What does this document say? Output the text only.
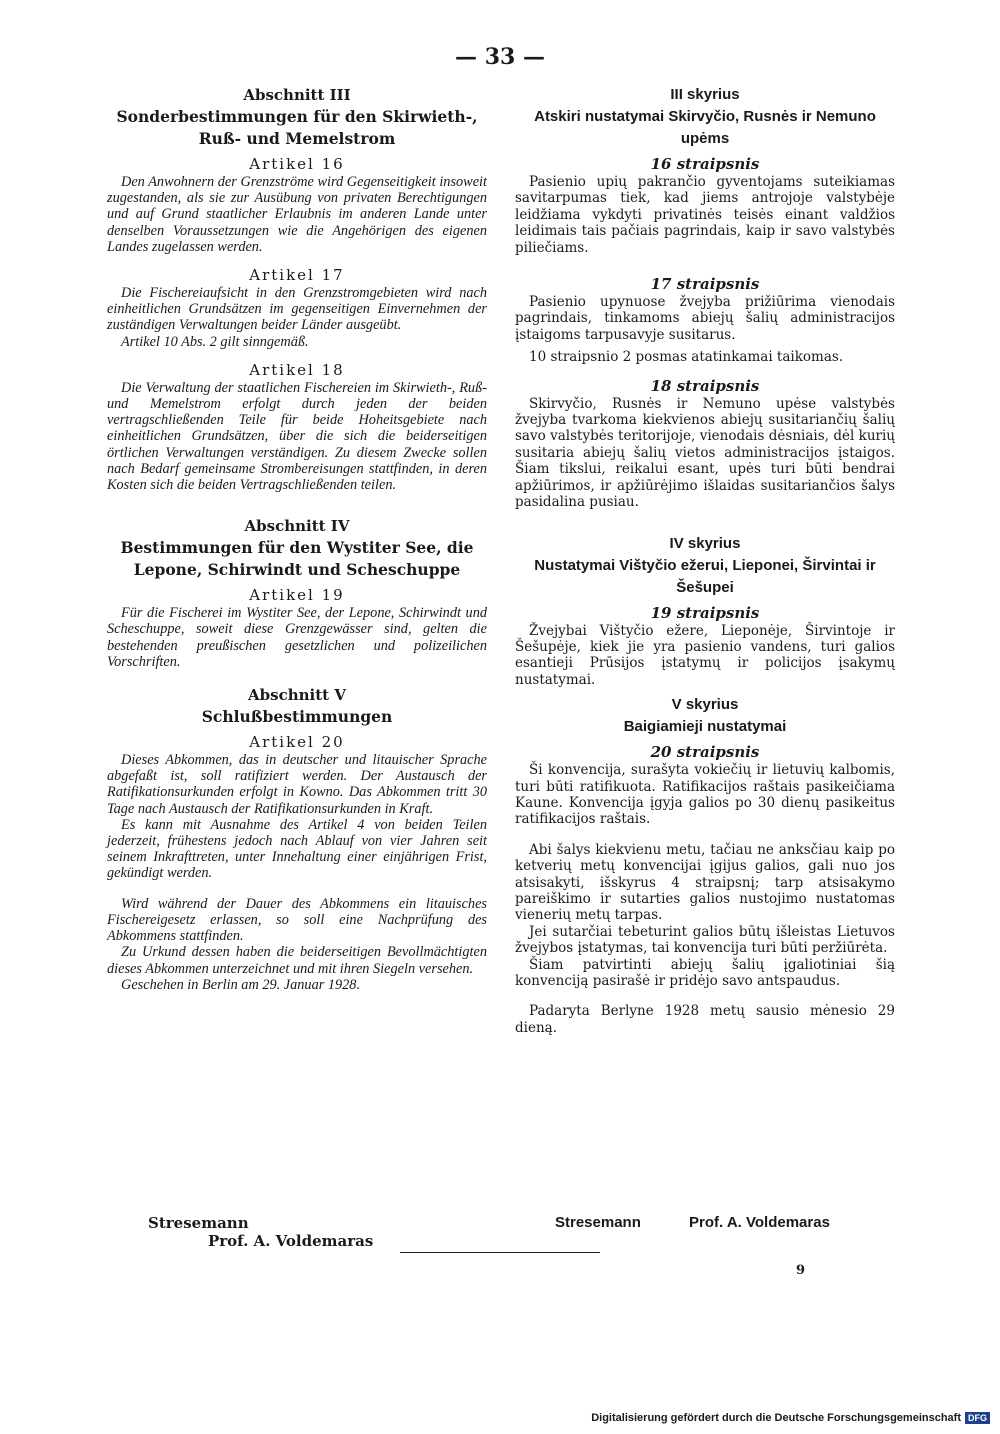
— 33 —

Abschnitt III

Sonderbestimmungen für den Skirwieth-, Ruß- und Memelstrom

Artikel 16

Den Anwohnern der Grenzströme wird Gegenseitigkeit insoweit zugestanden, als sie zur Ausübung von privaten Berechtigungen und auf Grund staatlicher Erlaubnis im anderen Lande unter denselben Voraussetzungen wie die Angehörigen des eigenen Landes zugelassen werden.

Artikel 17

Die Fischereiaufsicht in den Grenzstromgebieten wird nach einheitlichen Grundsätzen im gegenseitigen Einvernehmen der zuständigen Verwaltungen beider Länder ausgeübt.

Artikel 10 Abs. 2 gilt sinngemäß.

Artikel 18

Die Verwaltung der staatlichen Fischereien im Skirwieth-, Ruß- und Memelstrom erfolgt durch jeden der beiden vertragschließenden Teile für beide Hoheitsgebiete nach einheitlichen Grundsätzen, über die sich die beiderseitigen örtlichen Verwaltungen verständigen. Zu diesem Zwecke sollen nach Bedarf gemeinsame Strombereisungen stattfinden, in deren Kosten sich die beiden Vertragschließenden teilen.

Abschnitt IV

Bestimmungen für den Wystiter See, die Lepone, Schirwindt und Scheschuppe

Artikel 19

Für die Fischerei im Wystiter See, der Lepone, Schirwindt und Scheschuppe, soweit diese Grenzgewässer sind, gelten die bestehenden preußischen gesetzlichen und polizeilichen Vorschriften.

Abschnitt V

Schlußbestimmungen

Artikel 20

Dieses Abkommen, das in deutscher und litauischer Sprache abgefaßt ist, soll ratifiziert werden. Der Austausch der Ratifikationsurkunden erfolgt in Kowno. Das Abkommen tritt 30 Tage nach Austausch der Ratifikationsurkunden in Kraft.

Es kann mit Ausnahme des Artikel 4 von beiden Teilen jederzeit, frühestens jedoch nach Ablauf von vier Jahren seit seinem Inkrafttreten, unter Innehaltung einer einjährigen Frist, gekündigt werden.

Wird während der Dauer des Abkommens ein litauisches Fischereigesetz erlassen, so soll eine Nachprüfung des Abkommens stattfinden.

Zu Urkund dessen haben die beiderseitigen Bevollmächtigten dieses Abkommen unterzeichnet und mit ihren Siegeln versehen.

Geschehen in Berlin am 29. Januar 1928.

III skyrius

Atskiri nustatymai Skirvyčio, Rusnės ir Nemuno upėms

16 straipsnis

Pasienio upių pakrančio gyventojams suteikiamas savitarpumas tiek, kad jiems antrojoje valstybėje leidžiama vykdyti privatinės teisės einant valdžios leidimais tais pačiais pagrindais, kaip ir savo valstybės piliečiams.

17 straipsnis

Pasienio upynuose žvejyba prižiūrima vienodais pagrindais, tinkamoms abiejų šalių administracijos įstaigoms tarpusavyje susitarus.

10 straipsnio 2 posmas atatinkamai taikomas.

18 straipsnis

Skirvyčio, Rusnės ir Nemuno upėse valstybės žvejyba tvarkoma kiekvienos abiejų susitariančių šalių savo valstybės teritorijoje, vienodais dėsniais, dėl kurių susitaria abiejų šalių vietos administracijos įstaigos. Šiam tikslui, reikalui esant, upės turi būti bendrai apžiūrimos, ir apžiūrėjimo išlaidas susitariančios šalys pasidalina pusiau.

IV skyrius

Nustatymai Vištyčio ežerui, Lieponei, Širvintai ir Šešupei

19 straipsnis

Žvejybai Vištyčio ežere, Lieponėje, Širvintoje ir Šešupėje, kiek jie yra pasienio vandens, turi galios esantieji Prūsijos įstatymų ir policijos įsakymų nustatymai.

V skyrius

Baigiamieji nustatymai

20 straipsnis

Ši konvencija, surašyta vokiečių ir lietuvių kalbomis, turi būti ratifikuota. Ratifikacijos raštais pasikeičiama Kaune. Konvencija įgyja galios po 30 dienų pasikeitus ratifikacijos raštais.

Abi šalys kiekvienu metu, tačiau ne anksčiau kaip po ketverių metų konvencijai įgijus galios, gali nuo jos atsisakyti, išskyrus 4 straipsnį; tarp atsisakymo pareiškimo ir sutarties galios nustojimo nustatomas vienerių metų tarpas.

Jei sutarčiai tebeturint galios būtų išleistas Lietuvos žvejybos įstatymas, tai konvencija turi būti peržiūrėta.

Šiam patvirtinti abiejų šalių įgaliotiniai šią konvenciją pasirašė ir pridėjo savo antspaudus.

Padaryta Berlyne 1928 metų sausio mėnesio 29 dieną.

Stresemann Prof. A. Voldemaras
Stresemann	Prof. A. Voldemaras
9
Digitalisierung gefördert durch die Deutsche Forschungsgemeinschaft DFG
